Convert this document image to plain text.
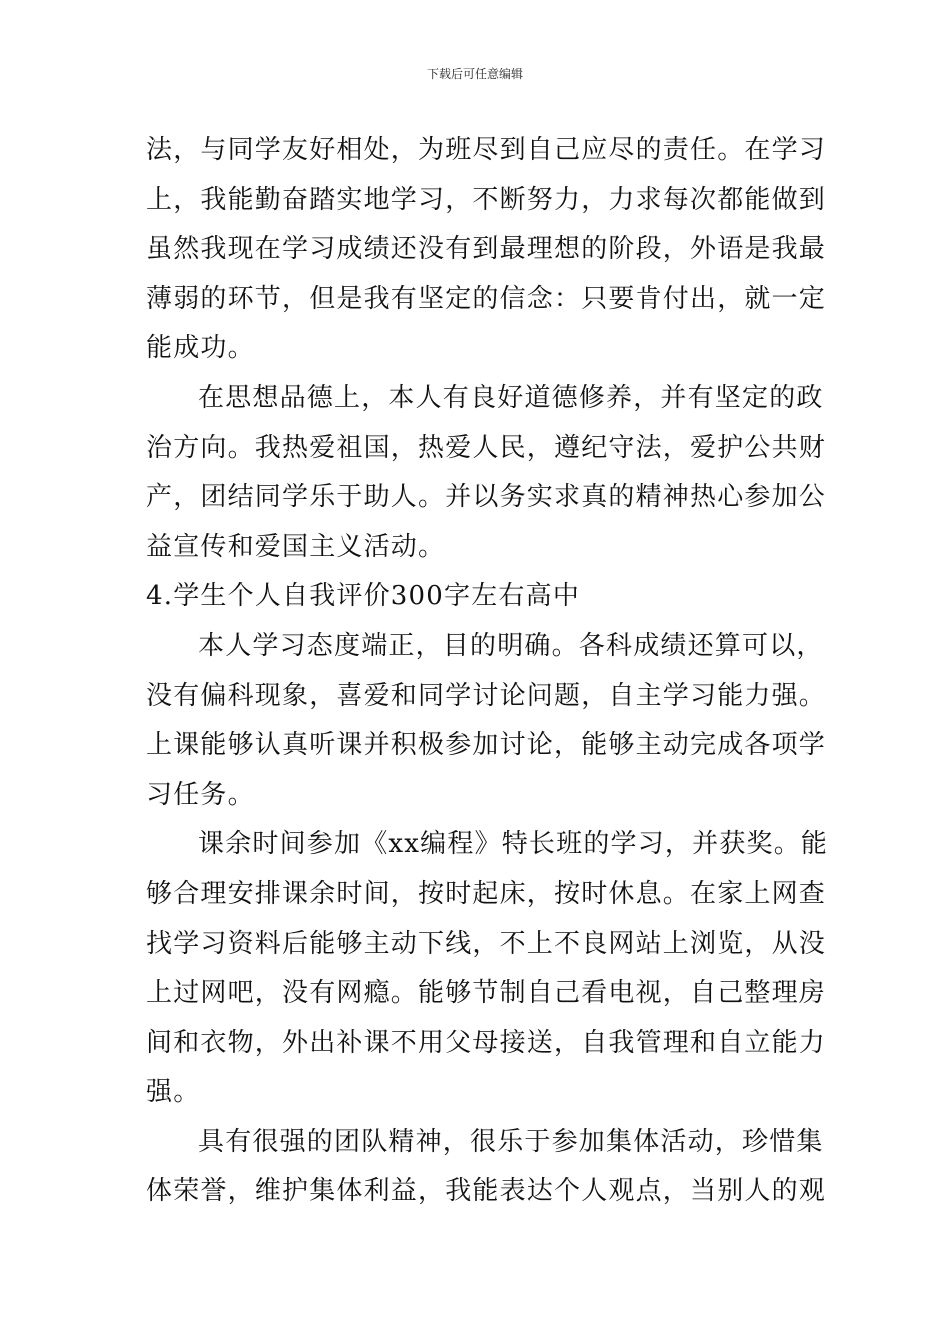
下载后可任意编辑
法，与同学友好相处，为班尽到自己应尽的责任。在学习
上，我能勤奋踏实地学习，不断努力，力求每次都能做到
虽然我现在学习成绩还没有到最理想的阶段，外语是我最
薄弱的环节，但是我有坚定的信念：只要肯付出，就一定
能成功。
在思想品德上，本人有良好道德修养，并有坚定的政
治方向。我热爱祖国，热爱人民，遵纪守法，爱护公共财
产，团结同学乐于助人。并以务实求真的精神热心参加公
益宣传和爱国主义活动。
4.学生个人自我评价300字左右高中
本人学习态度端正，目的明确。各科成绩还算可以，
没有偏科现象，喜爱和同学讨论问题，自主学习能力强。
上课能够认真听课并积极参加讨论，能够主动完成各项学
习任务。
课余时间参加《xx编程》特长班的学习，并获奖。能
够合理安排课余时间，按时起床，按时休息。在家上网查
找学习资料后能够主动下线，不上不良网站上浏览，从没
上过网吧，没有网瘾。能够节制自己看电视，自己整理房
间和衣物，外出补课不用父母接送，自我管理和自立能力
强。
具有很强的团队精神，很乐于参加集体活动，珍惜集
体荣誉，维护集体利益，我能表达个人观点，当别人的观
